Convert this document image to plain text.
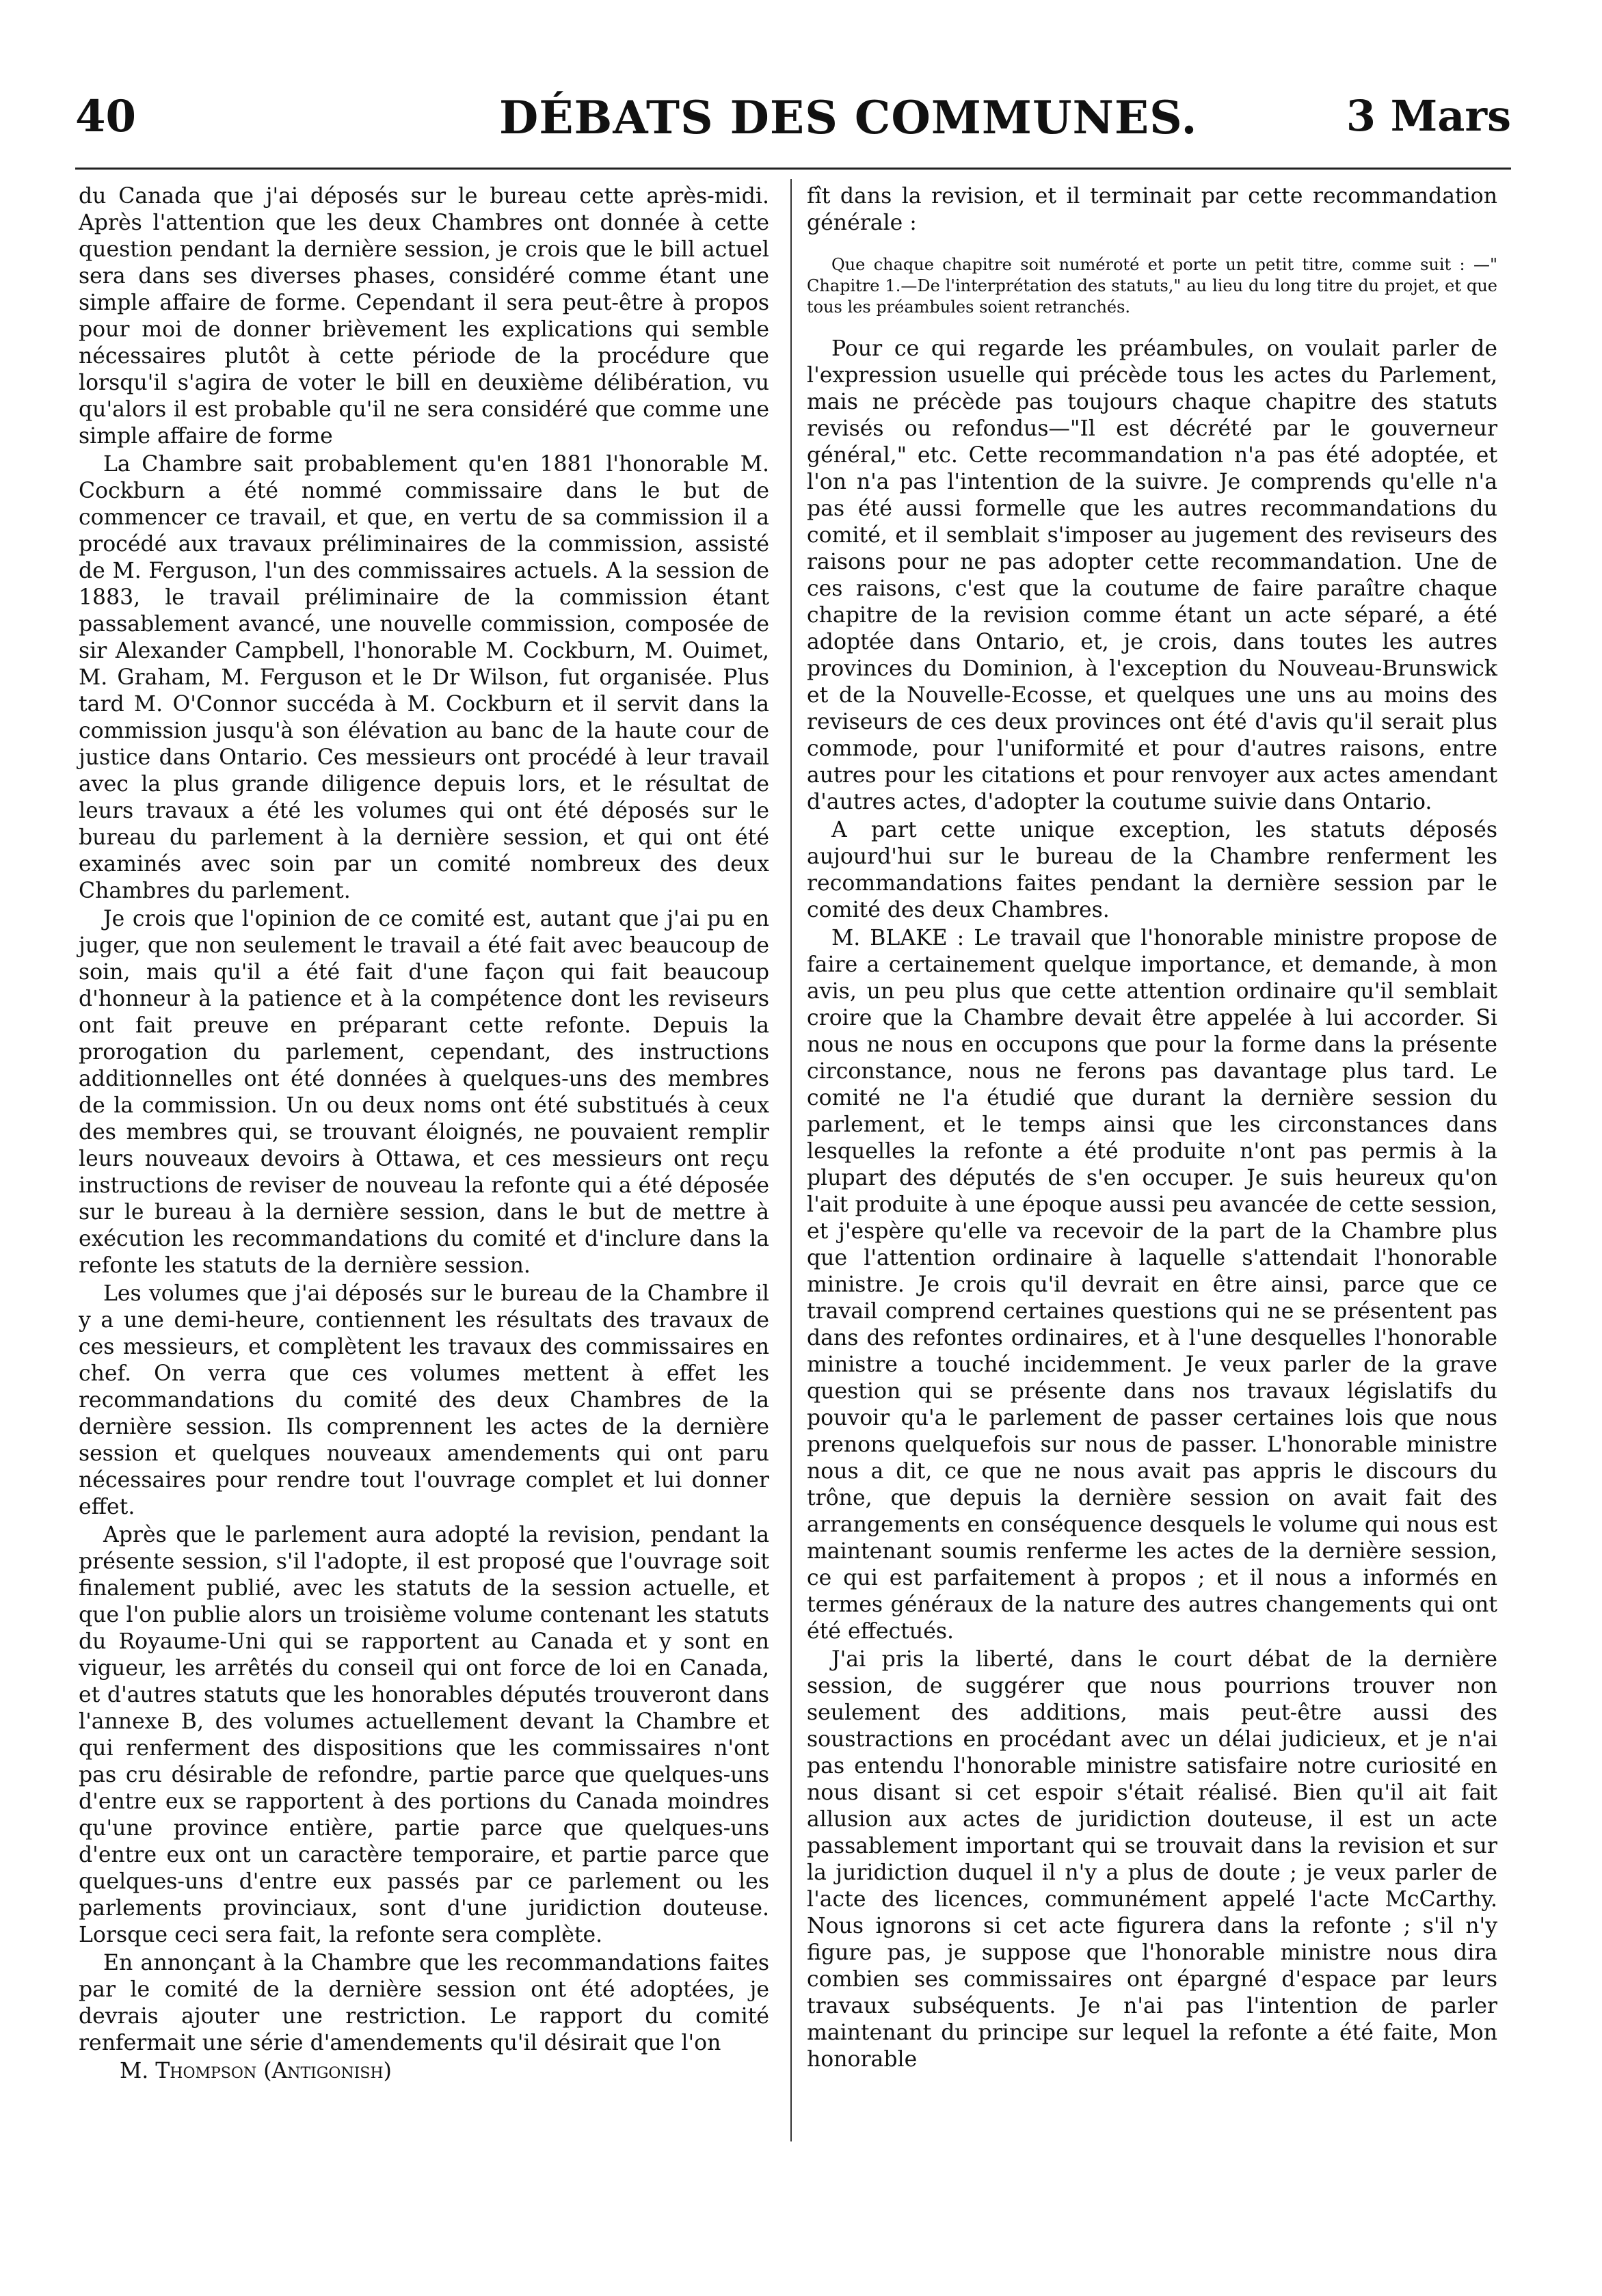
40	DÉBATS DES COMMUNES.	3 Mars

du Canada que j'ai déposés sur le bureau cette après-midi. Après l'attention que les deux Chambres ont donnée à cette question pendant la dernière session, je crois que le bill actuel sera dans ses diverses phases, considéré comme étant une simple affaire de forme. Cependant il sera peut-être à propos pour moi de donner brièvement les explications qui semble nécessaires plutôt à cette période de la procédure que lorsqu'il s'agira de voter le bill en deuxième délibération, vu qu'alors il est probable qu'il ne sera considéré que comme une simple affaire de forme

La Chambre sait probablement qu'en 1881 l'honorable M. Cockburn a été nommé commissaire dans le but de commencer ce travail, et que, en vertu de sa commission il a procédé aux travaux préliminaires de la commission, assisté de M. Ferguson, l'un des commissaires actuels. A la session de 1883, le travail préliminaire de la commission étant passablement avancé, une nouvelle commission, composée de sir Alexander Campbell, l'honorable M. Cockburn, M. Ouimet, M. Graham, M. Ferguson et le Dr Wilson, fut organisée. Plus tard M. O'Connor succéda à M. Cockburn et il servit dans la commission jusqu'à son élévation au banc de la haute cour de justice dans Ontario. Ces messieurs ont procédé à leur travail avec la plus grande diligence depuis lors, et le résultat de leurs travaux a été les volumes qui ont été déposés sur le bureau du parlement à la dernière session, et qui ont été examinés avec soin par un comité nombreux des deux Chambres du parlement.

Je crois que l'opinion de ce comité est, autant que j'ai pu en juger, que non seulement le travail a été fait avec beaucoup de soin, mais qu'il a été fait d'une façon qui fait beaucoup d'honneur à la patience et à la compétence dont les reviseurs ont fait preuve en préparant cette refonte. Depuis la prorogation du parlement, cependant, des instructions additionnelles ont été données à quelques-uns des membres de la commission. Un ou deux noms ont été substitués à ceux des membres qui, se trouvant éloignés, ne pouvaient remplir leurs nouveaux devoirs à Ottawa, et ces messieurs ont reçu instructions de reviser de nouveau la refonte qui a été déposée sur le bureau à la dernière session, dans le but de mettre à exécution les recommandations du comité et d'inclure dans la refonte les statuts de la dernière session.

Les volumes que j'ai déposés sur le bureau de la Chambre il y a une demi-heure, contiennent les résultats des travaux de ces messieurs, et complètent les travaux des commissaires en chef. On verra que ces volumes mettent à effet les recommandations du comité des deux Chambres de la dernière session. Ils comprennent les actes de la dernière session et quelques nouveaux amendements qui ont paru nécessaires pour rendre tout l'ouvrage complet et lui donner effet.

Après que le parlement aura adopté la revision, pendant la présente session, s'il l'adopte, il est proposé que l'ouvrage soit finalement publié, avec les statuts de la session actuelle, et que l'on publie alors un troisième volume contenant les statuts du Royaume-Uni qui se rapportent au Canada et y sont en vigueur, les arrêtés du conseil qui ont force de loi en Canada, et d'autres statuts que les honorables députés trouveront dans l'annexe B, des volumes actuellement devant la Chambre et qui renferment des dispositions que les commissaires n'ont pas cru désirable de refondre, partie parce que quelques-uns d'entre eux se rapportent à des portions du Canada moindres qu'une province entière, partie parce que quelques-uns d'entre eux ont un caractère temporaire, et partie parce que quelques-uns d'entre eux passés par ce parlement ou les parlements provinciaux, sont d'une juridiction douteuse. Lorsque ceci sera fait, la refonte sera complète.

En annonçant à la Chambre que les recommandations faites par le comité de la dernière session ont été adoptées, je devrais ajouter une restriction. Le rapport du comité renfermait une série d'amendements qu'il désirait que l'on

M. Thompson (Antigonish)

fît dans la revision, et il terminait par cette recommandation générale :

Que chaque chapitre soit numéroté et porte un petit titre, comme suit : —" Chapitre 1.—De l'interprétation des statuts," au lieu du long titre du projet, et que tous les préambules soient retranchés.

Pour ce qui regarde les préambules, on voulait parler de l'expression usuelle qui précède tous les actes du Parlement, mais ne précède pas toujours chaque chapitre des statuts revisés ou refondus—"Il est décrété par le gouverneur général," etc. Cette recommandation n'a pas été adoptée, et l'on n'a pas l'intention de la suivre. Je comprends qu'elle n'a pas été aussi formelle que les autres recommandations du comité, et il semblait s'imposer au jugement des reviseurs des raisons pour ne pas adopter cette recommandation. Une de ces raisons, c'est que la coutume de faire paraître chaque chapitre de la revision comme étant un acte séparé, a été adoptée dans Ontario, et, je crois, dans toutes les autres provinces du Dominion, à l'exception du Nouveau-Brunswick et de la Nouvelle-Ecosse, et quelques une uns au moins des reviseurs de ces deux provinces ont été d'avis qu'il serait plus commode, pour l'uniformité et pour d'autres raisons, entre autres pour les citations et pour renvoyer aux actes amendant d'autres actes, d'adopter la coutume suivie dans Ontario.

A part cette unique exception, les statuts déposés aujourd'hui sur le bureau de la Chambre renferment les recommandations faites pendant la dernière session par le comité des deux Chambres.

M. BLAKE : Le travail que l'honorable ministre propose de faire a certainement quelque importance, et demande, à mon avis, un peu plus que cette attention ordinaire qu'il semblait croire que la Chambre devait être appelée à lui accorder. Si nous ne nous en occupons que pour la forme dans la présente circonstance, nous ne ferons pas davantage plus tard. Le comité ne l'a étudié que durant la dernière session du parlement, et le temps ainsi que les circonstances dans lesquelles la refonte a été produite n'ont pas permis à la plupart des députés de s'en occuper. Je suis heureux qu'on l'ait produite à une époque aussi peu avancée de cette session, et j'espère qu'elle va recevoir de la part de la Chambre plus que l'attention ordinaire à laquelle s'attendait l'honorable ministre. Je crois qu'il devrait en être ainsi, parce que ce travail comprend certaines questions qui ne se présentent pas dans des refontes ordinaires, et à l'une desquelles l'honorable ministre a touché incidemment. Je veux parler de la grave question qui se présente dans nos travaux législatifs du pouvoir qu'a le parlement de passer certaines lois que nous prenons quelquefois sur nous de passer. L'honorable ministre nous a dit, ce que ne nous avait pas appris le discours du trône, que depuis la dernière session on avait fait des arrangements en conséquence desquels le volume qui nous est maintenant soumis renferme les actes de la dernière session, ce qui est parfaitement à propos ; et il nous a informés en termes généraux de la nature des autres changements qui ont été effectués.

J'ai pris la liberté, dans le court débat de la dernière session, de suggérer que nous pourrions trouver non seulement des additions, mais peut-être aussi des soustractions en procédant avec un délai judicieux, et je n'ai pas entendu l'honorable ministre satisfaire notre curiosité en nous disant si cet espoir s'était réalisé. Bien qu'il ait fait allusion aux actes de juridiction douteuse, il est un acte passablement important qui se trouvait dans la revision et sur la juridiction duquel il n'y a plus de doute ; je veux parler de l'acte des licences, communément appelé l'acte McCarthy. Nous ignorons si cet acte figurera dans la refonte ; s'il n'y figure pas, je suppose que l'honorable ministre nous dira combien ses commissaires ont épargné d'espace par leurs travaux subséquents. Je n'ai pas l'intention de parler maintenant du principe sur lequel la refonte a été faite, Mon honorable
